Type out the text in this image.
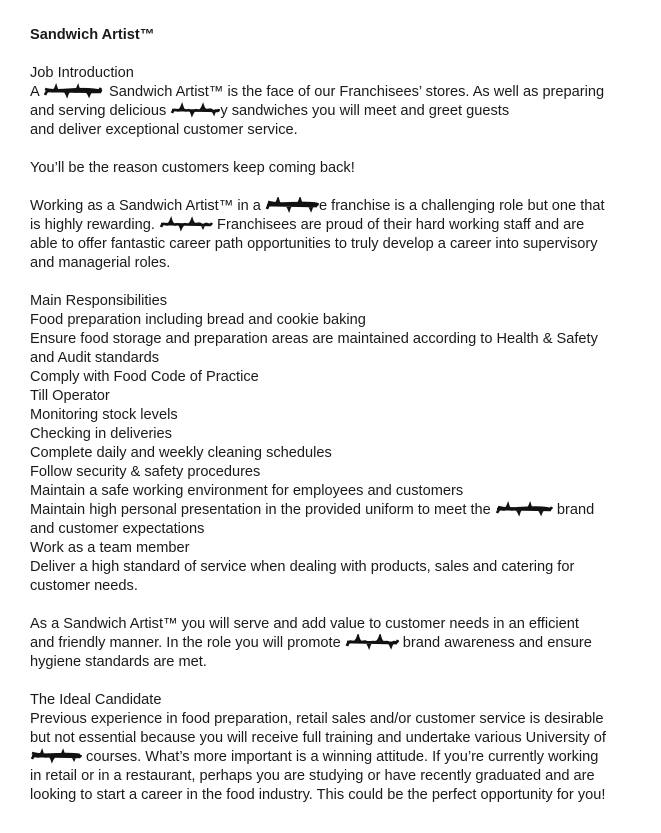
Sandwich Artist™

Job Introduction

A	Sandwich Artist™ is the face of our Franchisees’ stores. As well as preparing

and serving delicious	y sandwiches you will meet and greet guests

and deliver exceptional customer service.

You’ll be the reason customers keep coming back!

Working as a Sandwich Artist™ in a	e franchise is a challenging role but one that

is highly rewarding.	Franchisees are proud of their hard working staff and are

able to offer fantastic career path opportunities to truly develop a career into supervisory

and managerial roles.

Main Responsibilities

Food preparation including bread and cookie baking

Ensure food storage and preparation areas are maintained according to Health & Safety

and Audit standards

Comply with Food Code of Practice

Till Operator

Monitoring stock levels

Checking in deliveries

Complete daily and weekly cleaning schedules

Follow security & safety procedures

Maintain a safe working environment for employees and customers

Maintain high personal presentation in the provided uniform to meet the	brand

and customer expectations

Work as a team member

Deliver a high standard of service when dealing with products, sales and catering for

customer needs.

As a Sandwich Artist™ you will serve and add value to customer needs in an efficient

and friendly manner. In the role you will promote	brand awareness and ensure

hygiene standards are met.

The Ideal Candidate

Previous experience in food preparation, retail sales and/or customer service is desirable

but not essential because you will receive full training and undertake various University of

courses. What’s more important is a winning attitude. If you’re currently working

in retail or in a restaurant, perhaps you are studying or have recently graduated and are

looking to start a career in the food industry. This could be the perfect opportunity for you!
